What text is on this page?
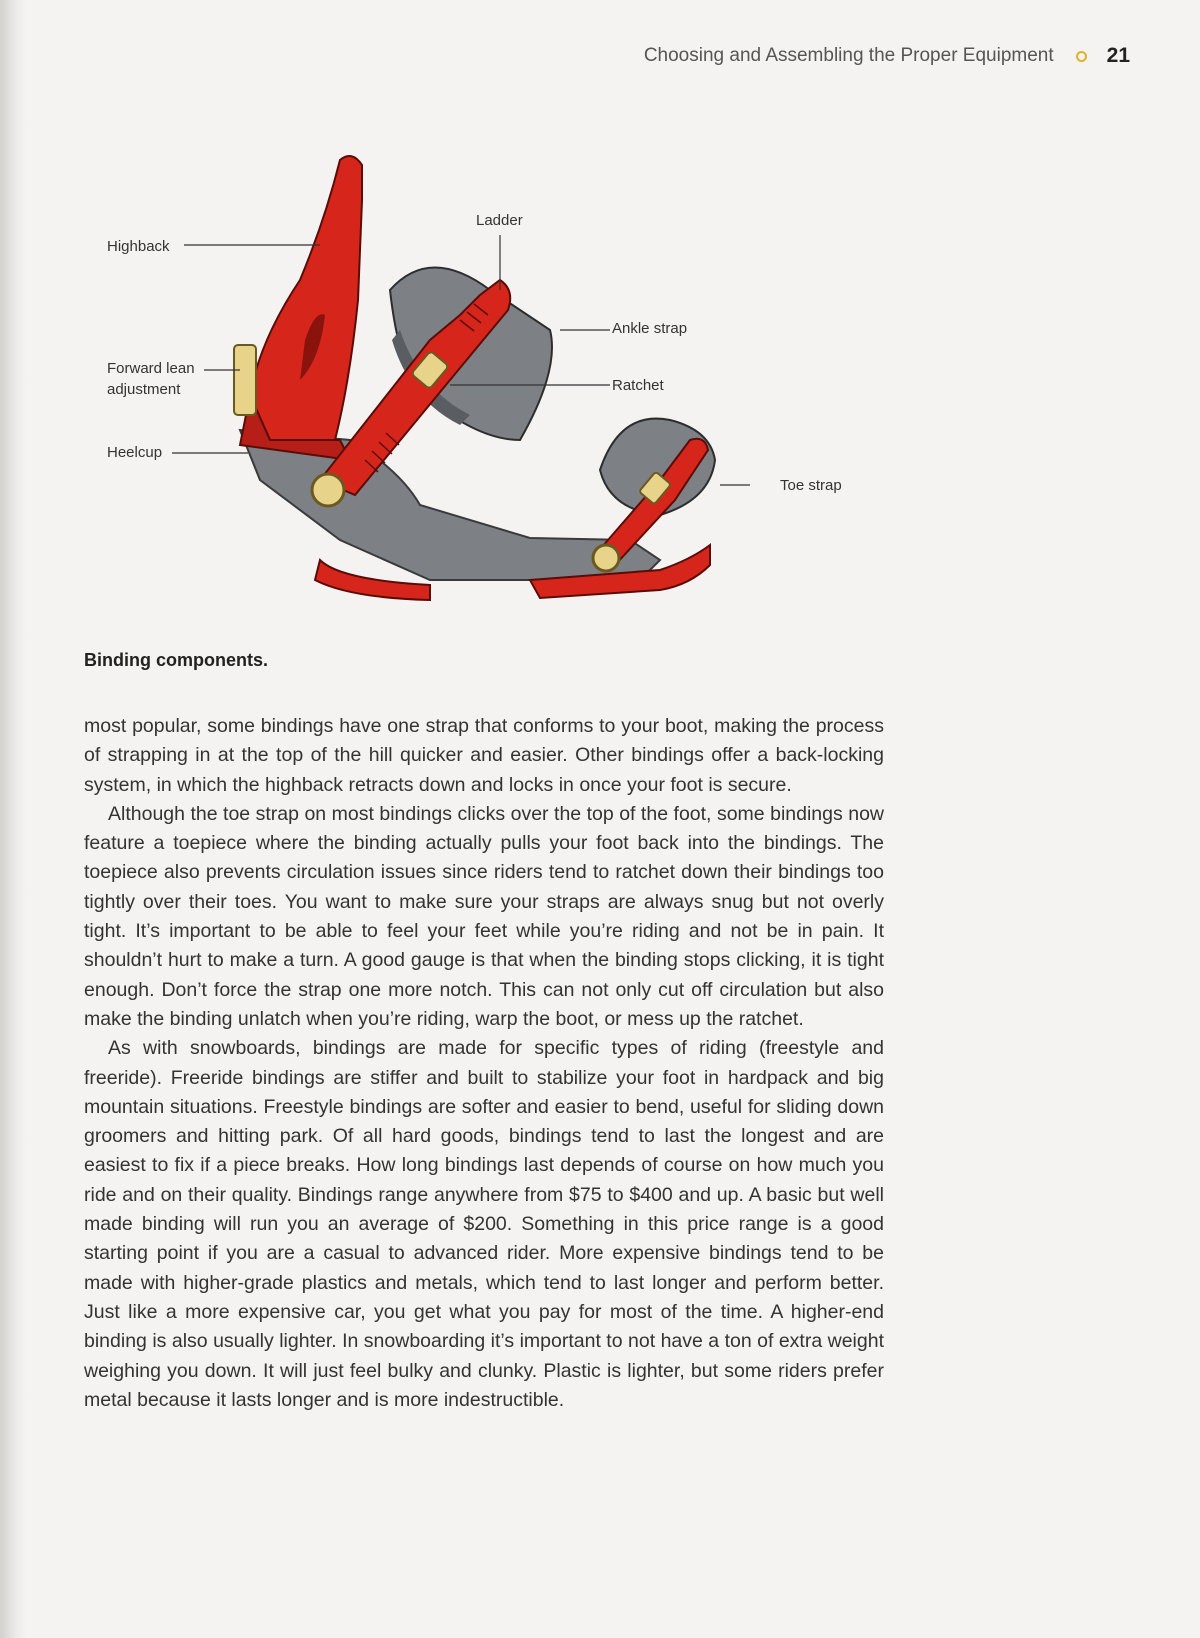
Choosing and Assembling the Proper Equipment	21
Highback
Ladder
Ankle strap
Forward lean
adjustment	Ratchet
Heelcup
Toe strap
Binding components.

most popular, some bindings have one strap that conforms to your boot, making the process of strapping in at the top of the hill quicker and easier. Other bindings offer a back-locking system, in which the highback retracts down and locks in once your foot is secure.

Although the toe strap on most bindings clicks over the top of the foot, some bindings now feature a toepiece where the binding actually pulls your foot back into the bindings. The toepiece also prevents circulation issues since riders tend to ratchet down their bindings too tightly over their toes. You want to make sure your straps are always snug but not overly tight. It’s important to be able to feel your feet while you’re riding and not be in pain. It shouldn’t hurt to make a turn. A good gauge is that when the binding stops clicking, it is tight enough. Don’t force the strap one more notch. This can not only cut off circulation but also make the binding unlatch when you’re riding, warp the boot, or mess up the ratchet.

As with snowboards, bindings are made for specific types of riding (freestyle and freeride). Freeride bindings are stiffer and built to stabilize your foot in hardpack and big mountain situations. Freestyle bindings are softer and easier to bend, useful for sliding down groomers and hitting park. Of all hard goods, bindings tend to last the longest and are easiest to fix if a piece breaks. How long bindings last depends of course on how much you ride and on their quality. Bindings range anywhere from $75 to $400 and up. A basic but well made binding will run you an average of $200. Something in this price range is a good starting point if you are a casual to advanced rider. More expensive bindings tend to be made with higher-grade plastics and metals, which tend to last longer and perform better. Just like a more expensive car, you get what you pay for most of the time. A higher-end binding is also usually lighter. In snowboarding it’s important to not have a ton of extra weight weighing you down. It will just feel bulky and clunky. Plastic is lighter, but some riders prefer metal because it lasts longer and is more indestructible.
